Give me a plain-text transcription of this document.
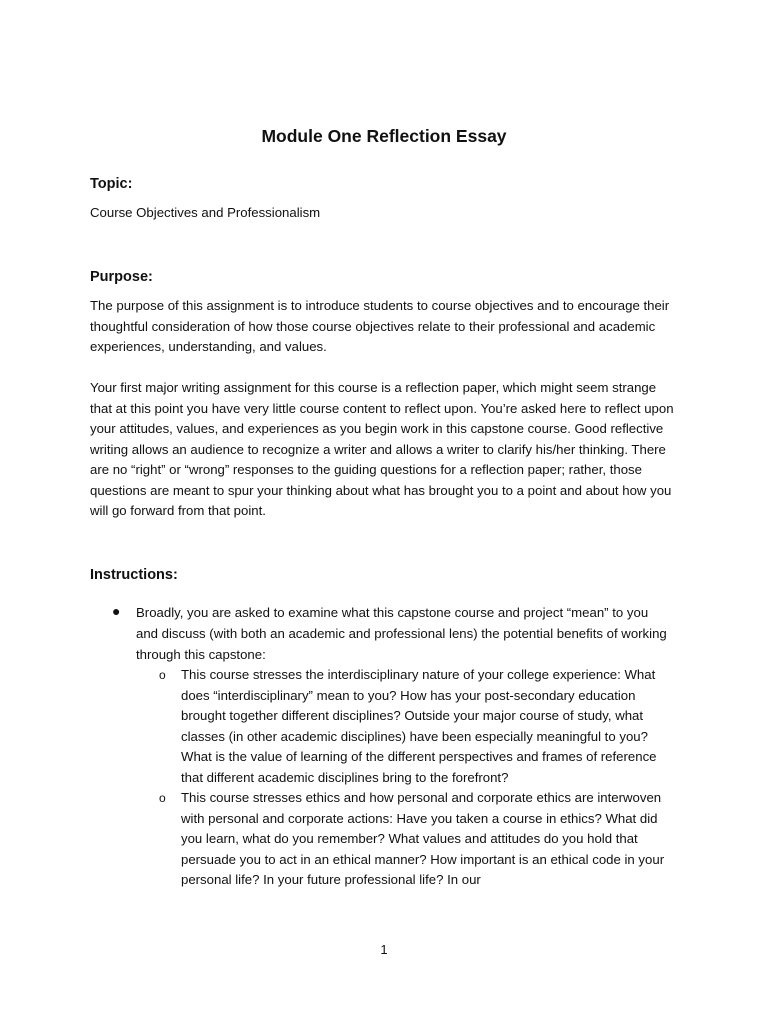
Module One Reflection Essay
Topic:

Course Objectives and Professionalism

Purpose:

The purpose of this assignment is to introduce students to course objectives and to encourage their thoughtful consideration of how those course objectives relate to their professional and academic experiences, understanding, and values.

Your first major writing assignment for this course is a reflection paper, which might seem strange that at this point you have very little course content to reflect upon. You’re asked here to reflect upon your attitudes, values, and experiences as you begin work in this capstone course. Good reflective writing allows an audience to recognize a writer and allows a writer to clarify his/her thinking. There are no “right” or “wrong” responses to the guiding questions for a reflection paper; rather, those questions are meant to spur your thinking about what has brought you to a point and about how you will go forward from that point.

Instructions:
● Broadly, you are asked to examine what this capstone course and project “mean” to you
and discuss (with both an academic and professional lens) the potential benefits of working through this capstone:
o This course stresses the interdisciplinary nature of your college experience: What does “interdisciplinary” mean to you? How has your post-secondary education brought together different disciplines? Outside your major course of study, what classes (in other academic disciplines) have been especially meaningful to you? What is the value of learning of the different perspectives and frames of reference that different academic disciplines bring to the forefront?
o This course stresses ethics and how personal and corporate ethics are interwoven with personal and corporate actions: Have you taken a course in ethics? What did you learn, what do you remember? What values and attitudes do you hold that persuade you to act in an ethical manner? How important is an ethical code in your personal life? In your future professional life? In our
1
